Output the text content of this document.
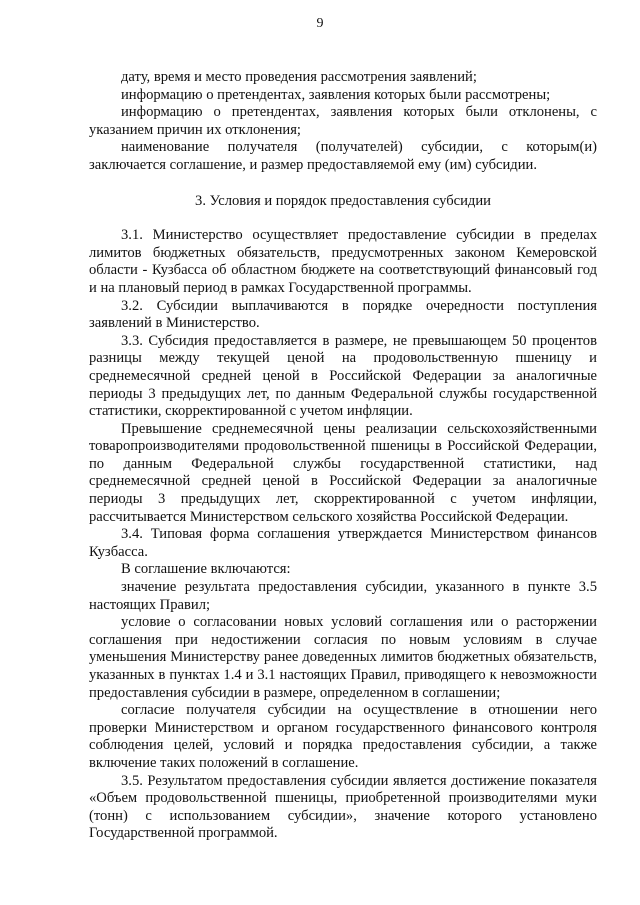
9

дату, время и место проведения рассмотрения заявлений;

информацию о претендентах, заявления которых были рассмотрены;

информацию о претендентах, заявления которых были отклонены, с указанием причин их отклонения;

наименование получателя (получателей) субсидии, с которым(и) заключается соглашение, и размер предоставляемой ему (им) субсидии.

3. Условия и порядок предоставления субсидии

3.1. Министерство осуществляет предоставление субсидии в пределах лимитов бюджетных обязательств, предусмотренных законом Кемеровской области - Кузбасса об областном бюджете на соответствующий финансовый год и на плановый период в рамках Государственной программы.

3.2. Субсидии выплачиваются в порядке очередности поступления заявлений в Министерство.

3.3. Субсидия предоставляется в размере, не превышающем 50 процентов разницы между текущей ценой на продовольственную пшеницу и среднемесячной средней ценой в Российской Федерации за аналогичные периоды 3 предыдущих лет, по данным Федеральной службы государственной статистики, скорректированной с учетом инфляции.

Превышение среднемесячной цены реализации сельскохозяйственными товаропроизводителями продовольственной пшеницы в Российской Федерации, по данным Федеральной службы государственной статистики, над среднемесячной средней ценой в Российской Федерации за аналогичные периоды 3 предыдущих лет, скорректированной с учетом инфляции, рассчитывается Министерством сельского хозяйства Российской Федерации.

3.4. Типовая форма соглашения утверждается Министерством финансов Кузбасса.

В соглашение включаются:

значение результата предоставления субсидии, указанного в пункте 3.5 настоящих Правил;

условие о согласовании новых условий соглашения или о расторжении соглашения при недостижении согласия по новым условиям в случае уменьшения Министерству ранее доведенных лимитов бюджетных обязательств, указанных в пунктах 1.4 и 3.1 настоящих Правил, приводящего к невозможности предоставления субсидии в размере, определенном в соглашении;

согласие получателя субсидии на осуществление в отношении него проверки Министерством и органом государственного финансового контроля соблюдения целей, условий и порядка предоставления субсидии, а также включение таких положений в соглашение.

3.5. Результатом предоставления субсидии является достижение показателя «Объем продовольственной пшеницы, приобретенной производителями муки (тонн) с использованием субсидии», значение которого установлено Государственной программой.
